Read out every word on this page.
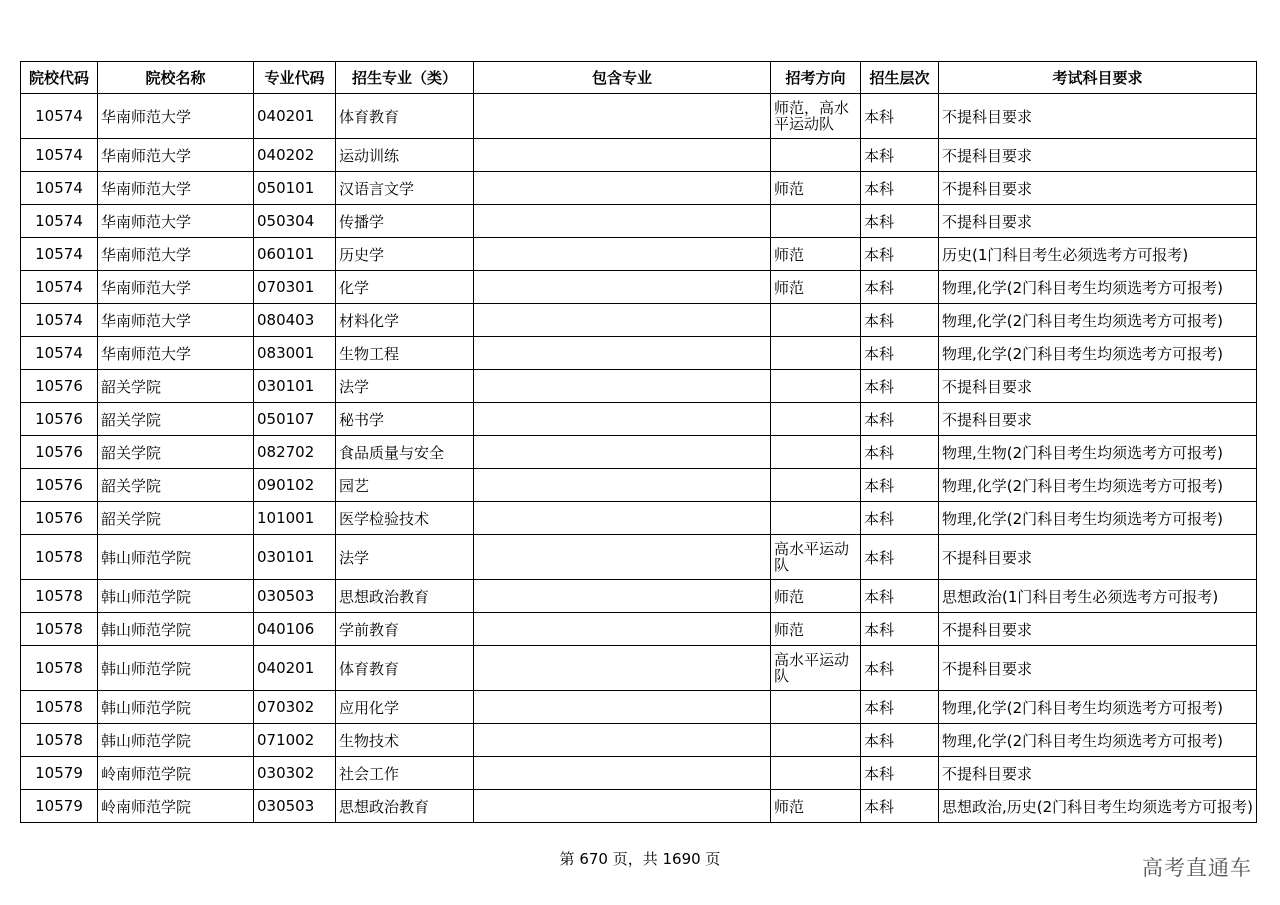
院校代码	院校名称	专业代码	招生专业（类）	包含专业	招考方向	招生层次	考试科目要求
10574	华南师范大学	040201	体育教育		师范，高水平运动队	本科	不提科目要求
10574	华南师范大学	040202	运动训练			本科	不提科目要求
10574	华南师范大学	050101	汉语言文学		师范	本科	不提科目要求
10574	华南师范大学	050304	传播学			本科	不提科目要求
10574	华南师范大学	060101	历史学		师范	本科	历史(1门科目考生必须选考方可报考)
10574	华南师范大学	070301	化学		师范	本科	物理,化学(2门科目考生均须选考方可报考)
10574	华南师范大学	080403	材料化学			本科	物理,化学(2门科目考生均须选考方可报考)
10574	华南师范大学	083001	生物工程			本科	物理,化学(2门科目考生均须选考方可报考)
10576	韶关学院	030101	法学			本科	不提科目要求
10576	韶关学院	050107	秘书学			本科	不提科目要求
10576	韶关学院	082702	食品质量与安全			本科	物理,生物(2门科目考生均须选考方可报考)
10576	韶关学院	090102	园艺			本科	物理,化学(2门科目考生均须选考方可报考)
10576	韶关学院	101001	医学检验技术			本科	物理,化学(2门科目考生均须选考方可报考)
10578	韩山师范学院	030101	法学		高水平运动队	本科	不提科目要求
10578	韩山师范学院	030503	思想政治教育		师范	本科	思想政治(1门科目考生必须选考方可报考)
10578	韩山师范学院	040106	学前教育		师范	本科	不提科目要求
10578	韩山师范学院	040201	体育教育		高水平运动队	本科	不提科目要求
10578	韩山师范学院	070302	应用化学			本科	物理,化学(2门科目考生均须选考方可报考)
10578	韩山师范学院	071002	生物技术			本科	物理,化学(2门科目考生均须选考方可报考)
10579	岭南师范学院	030302	社会工作			本科	不提科目要求
10579	岭南师范学院	030503	思想政治教育		师范	本科	思想政治,历史(2门科目考生均须选考方可报考)
第 670 页，共 1690 页	高考直通车
